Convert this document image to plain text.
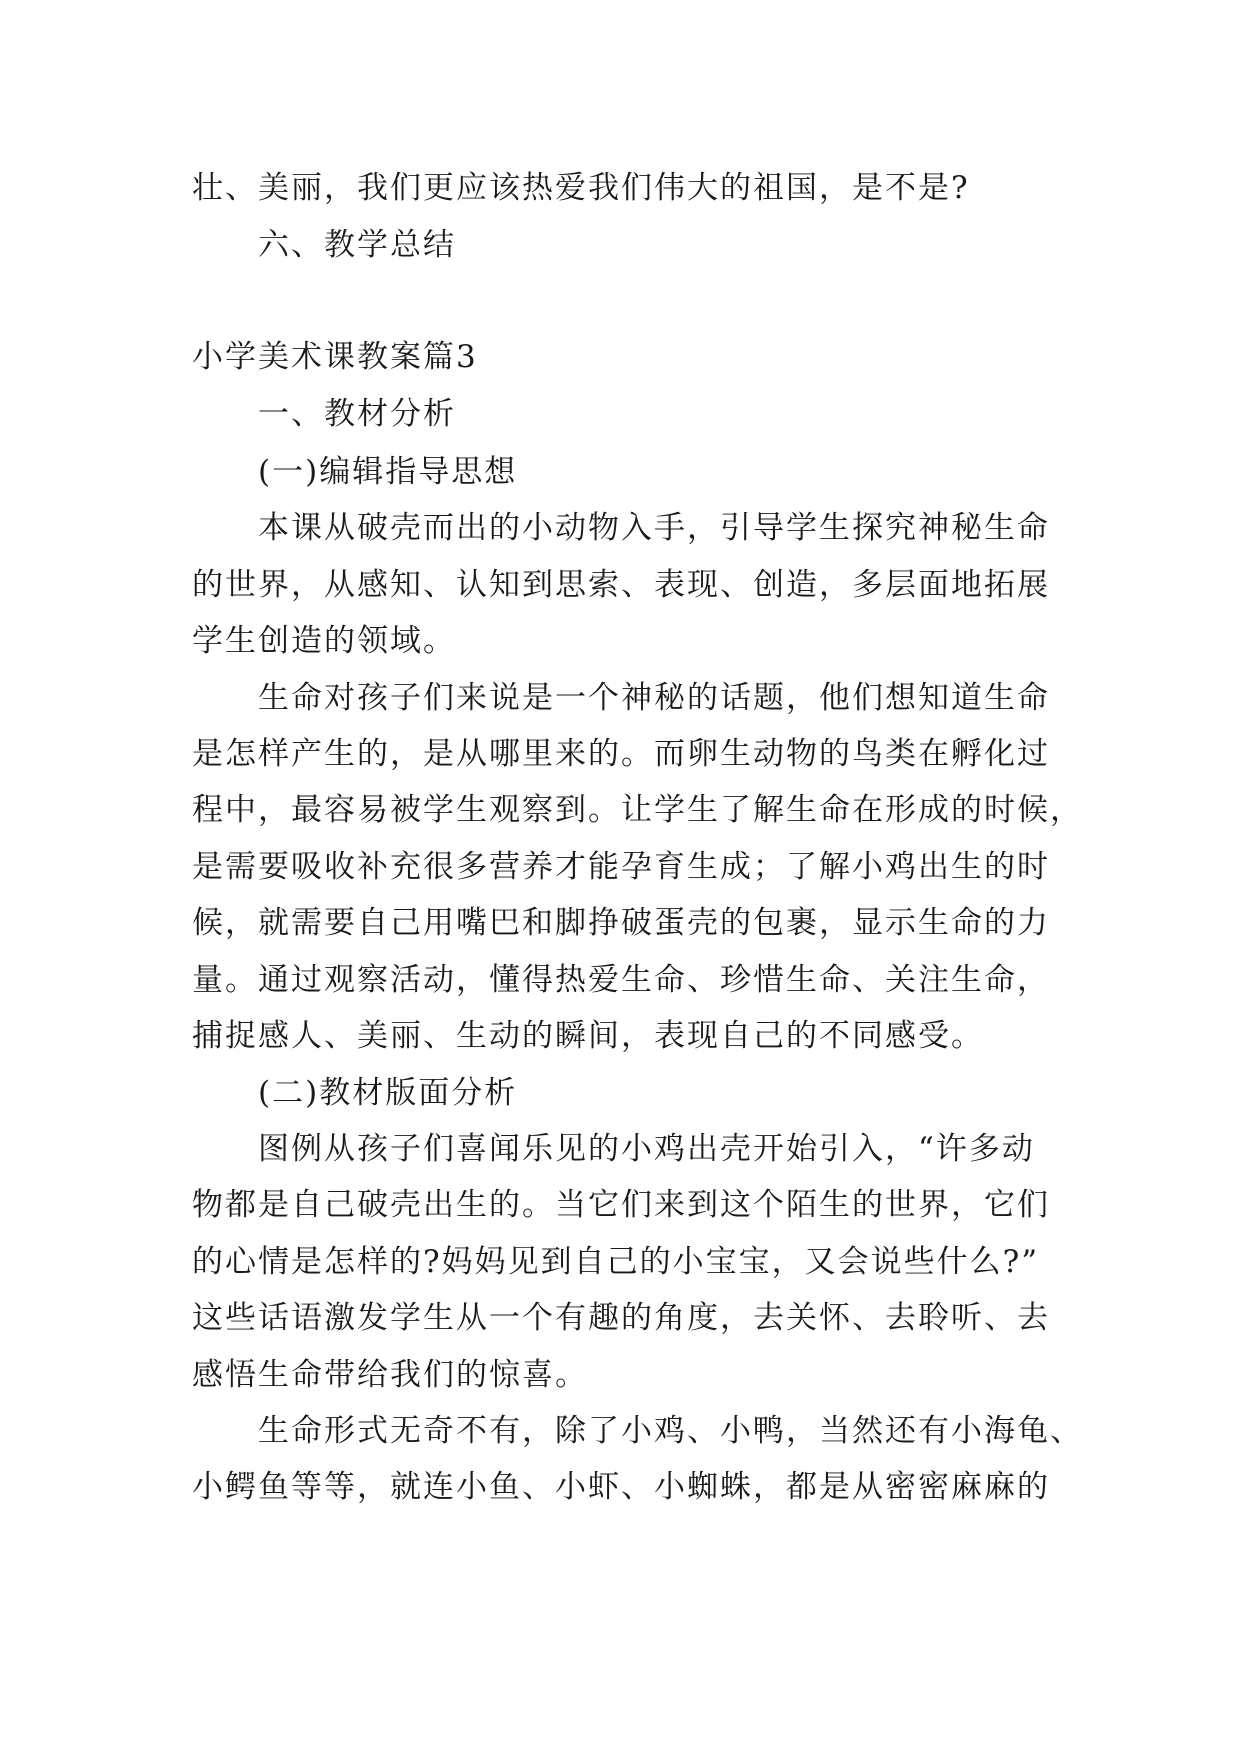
壮、美丽，我们更应该热爱我们伟大的祖国，是不是?
六、教学总结
小学美术课教案篇3
一、教材分析
(一)编辑指导思想
本课从破壳而出的小动物入手，引导学生探究神秘生命
的世界，从感知、认知到思索、表现、创造，多层面地拓展
学生创造的领域。
生命对孩子们来说是一个神秘的话题，他们想知道生命
是怎样产生的，是从哪里来的。而卵生动物的鸟类在孵化过
程中，最容易被学生观察到。让学生了解生命在形成的时候，
是需要吸收补充很多营养才能孕育生成；了解小鸡出生的时
候，就需要自己用嘴巴和脚挣破蛋壳的包裹，显示生命的力
量。通过观察活动，懂得热爱生命、珍惜生命、关注生命，
捕捉感人、美丽、生动的瞬间，表现自己的不同感受。
(二)教材版面分析
图例从孩子们喜闻乐见的小鸡出壳开始引入，“许多动
物都是自己破壳出生的。当它们来到这个陌生的世界，它们
的心情是怎样的?妈妈见到自己的小宝宝，又会说些什么?”
这些话语激发学生从一个有趣的角度，去关怀、去聆听、去
感悟生命带给我们的惊喜。
生命形式无奇不有，除了小鸡、小鸭，当然还有小海龟、
小鳄鱼等等，就连小鱼、小虾、小蜘蛛，都是从密密麻麻的
